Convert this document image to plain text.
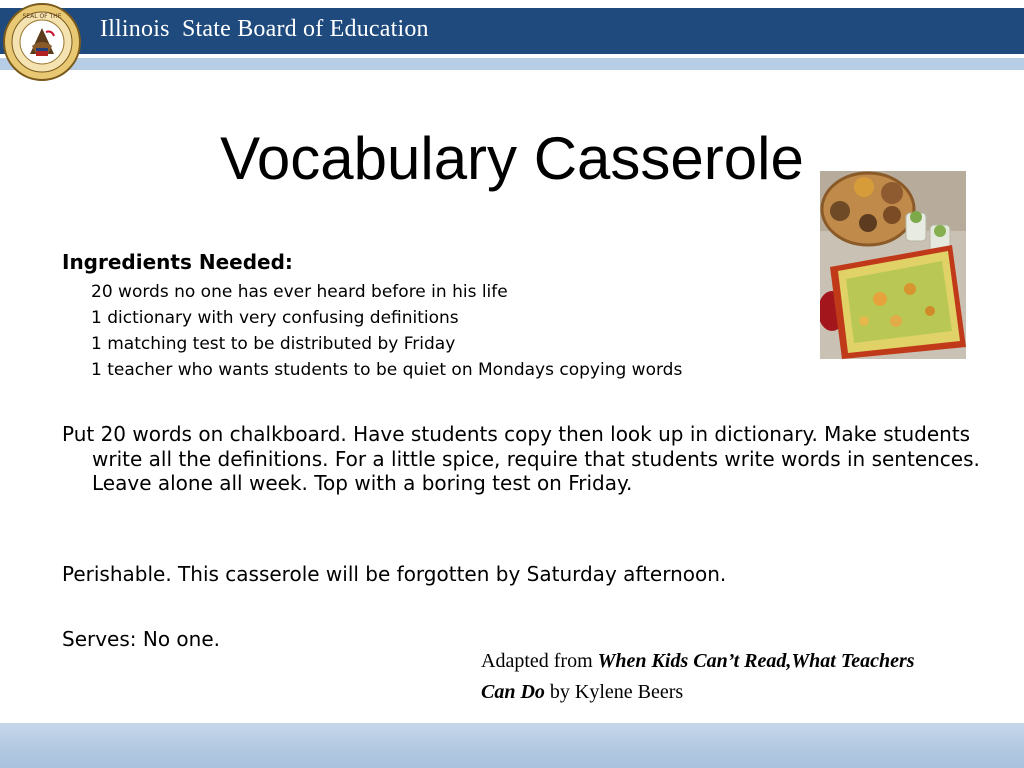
SEAL OF THE Illinois  State Board of Education
Vocabulary Casserole
Ingredients Needed:
20 words no one has ever heard before in his life
1 dictionary with very confusing definitions
1 matching test to be distributed by Friday
1 teacher who wants students to be quiet on Mondays copying words

Put 20 words on chalkboard. Have students copy then look up in dictionary. Make students write all the definitions. For a little spice, require that students write words in sentences. Leave alone all week. Top with a boring test on Friday.

Perishable. This casserole will be forgotten by Saturday afternoon.

Serves: No one.

Adapted from When Kids Can’t Read,What Teachers Can Do by Kylene Beers
